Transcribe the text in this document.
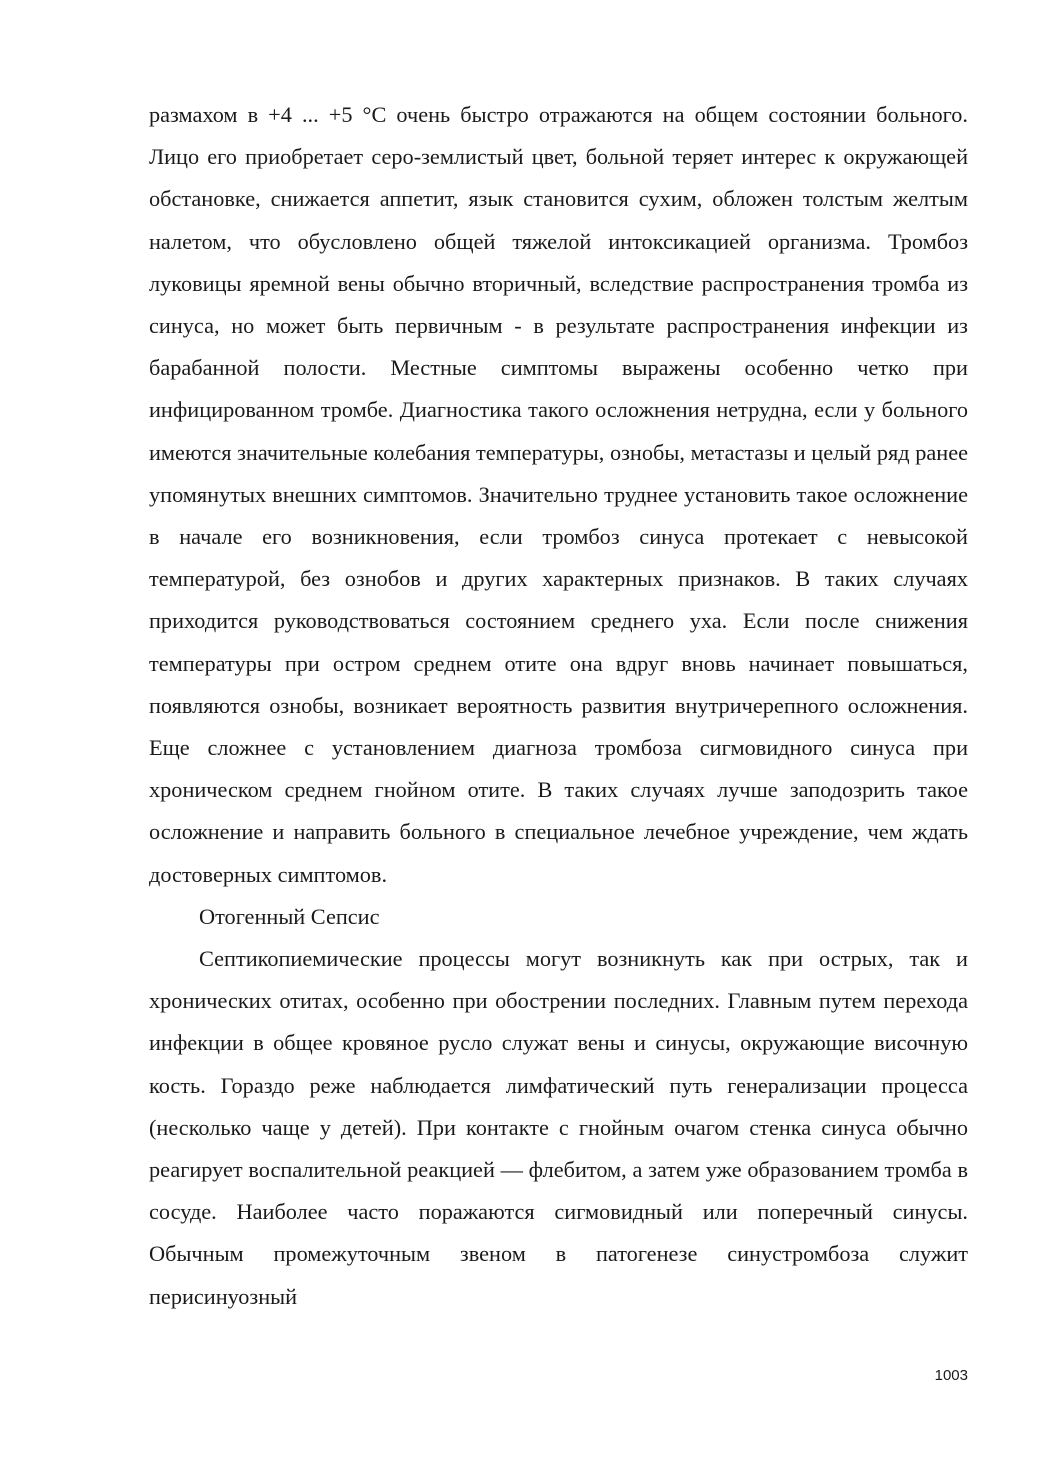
размахом в +4 ... +5 °С очень быстро отражаются на общем состоянии больного. Лицо его приобретает серо-землистый цвет, больной теряет интерес к окружающей обстановке, снижается аппетит, язык становится сухим, обложен толстым желтым налетом, что обусловлено общей тяжелой интоксикацией организма. Тромбоз луковицы яремной вены обычно вторичный, вследствие распространения тромба из синуса, но может быть первичным - в результате распространения инфекции из барабанной полости. Местные симптомы выражены особенно четко при инфицированном тромбе. Диагностика такого осложнения нетрудна, если у больного имеются значительные колебания температуры, ознобы, метастазы и целый ряд ранее упомянутых внешних симптомов. Значительно труднее установить такое осложнение в начале его возникновения, если тромбоз синуса протекает с невысокой температурой, без ознобов и других характерных признаков. В таких случаях приходится руководствоваться состоянием среднего уха. Если после снижения температуры при остром среднем отите она вдруг вновь начинает повышаться, появляются ознобы, возникает вероятность развития внутричерепного осложнения. Еще сложнее с установлением диагноза тромбоза сигмовидного синуса при хроническом среднем гнойном отите. В таких случаях лучше заподозрить такое осложнение и направить больного в специальное лечебное учреждение, чем ждать достоверных симптомов.

Отогенный Сепсис

Септикопиемические процессы могут возникнуть как при острых, так и хронических отитах, особенно при обострении последних. Главным путем перехода инфекции в общее кровяное русло служат вены и синусы, окружающие височную кость. Гораздо реже наблюдается лимфатический путь генерализации процесса (несколько чаще у детей). При контакте с гнойным очагом стенка синуса обычно реагирует воспалительной реакцией — флебитом, а затем уже образованием тромба в сосуде. Наиболее часто поражаются сигмовидный или поперечный синусы. Обычным промежуточным звеном в патогенезе синустромбоза служит перисинуозный

1003
